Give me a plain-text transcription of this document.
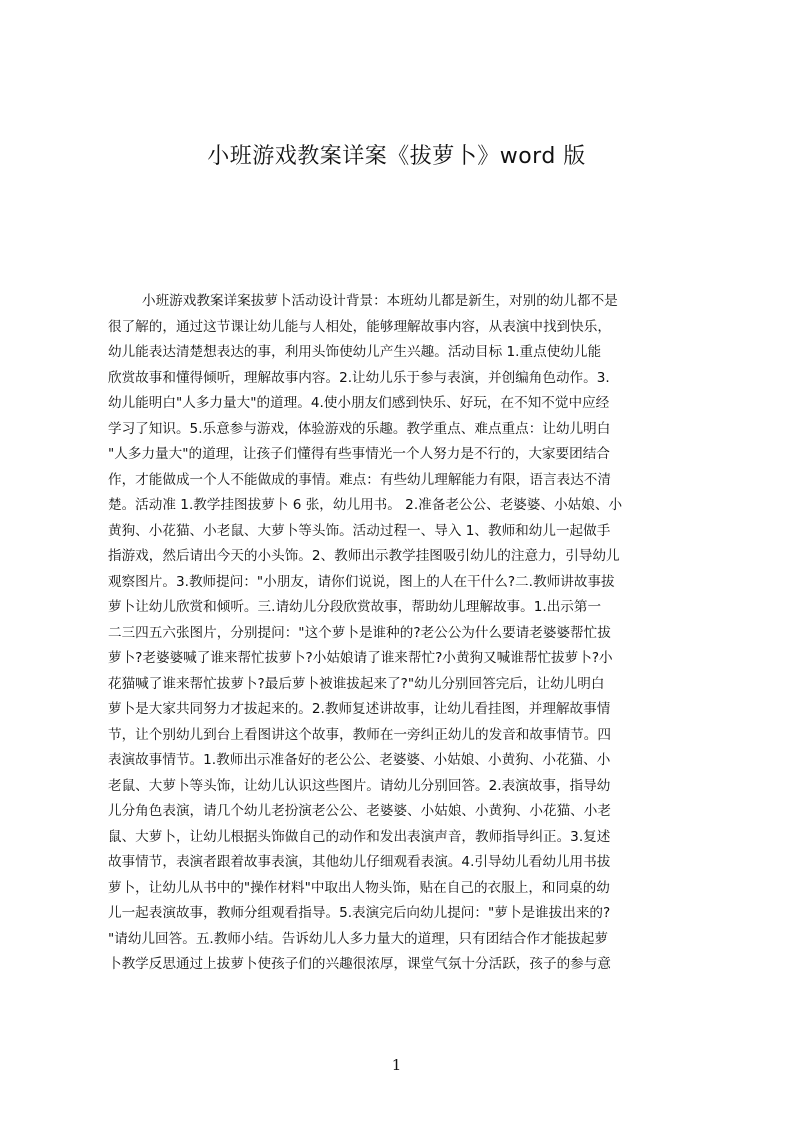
小班游戏教案详案《拔萝卜》word 版
小班游戏教案详案拔萝卜活动设计背景：本班幼儿都是新生，对别的幼儿都不是
很了解的，通过这节课让幼儿能与人相处，能够理解故事内容，从表演中找到快乐，
幼儿能表达清楚想表达的事，利用头饰使幼儿产生兴趣。活动目标 1.重点使幼儿能
欣赏故事和懂得倾听，理解故事内容。2.让幼儿乐于参与表演，并创编角色动作。3.
幼儿能明白"人多力量大"的道理。4.使小朋友们感到快乐、好玩，在不知不觉中应经
学习了知识。5.乐意参与游戏，体验游戏的乐趣。教学重点、难点重点：让幼儿明白
"人多力量大"的道理，让孩子们懂得有些事情光一个人努力是不行的，大家要团结合
作，才能做成一个人不能做成的事情。难点：有些幼儿理解能力有限，语言表达不清
楚。活动准 1.教学挂图拔萝卜 6 张，幼儿用书。 2.准备老公公、老婆婆、小姑娘、小
黄狗、小花猫、小老鼠、大萝卜等头饰。活动过程一、导入 1、教师和幼儿一起做手
指游戏，然后请出今天的小头饰。2、教师出示教学挂图吸引幼儿的注意力，引导幼儿
观察图片。3.教师提问："小朋友，请你们说说，图上的人在干什么?二.教师讲故事拔
萝卜让幼儿欣赏和倾听。三.请幼儿分段欣赏故事，帮助幼儿理解故事。1.出示第一
二三四五六张图片，分别提问："这个萝卜是谁种的?老公公为什么要请老婆婆帮忙拔
萝卜?老婆婆喊了谁来帮忙拔萝卜?小姑娘请了谁来帮忙?小黄狗又喊谁帮忙拔萝卜?小
花猫喊了谁来帮忙拔萝卜?最后萝卜被谁拔起来了?"幼儿分别回答完后，让幼儿明白
萝卜是大家共同努力才拔起来的。2.教师复述讲故事，让幼儿看挂图，并理解故事情
节，让个别幼儿到台上看图讲这个故事，教师在一旁纠正幼儿的发音和故事情节。四
表演故事情节。1.教师出示准备好的老公公、老婆婆、小姑娘、小黄狗、小花猫、小
老鼠、大萝卜等头饰，让幼儿认识这些图片。请幼儿分别回答。2.表演故事，指导幼
儿分角色表演，请几个幼儿老扮演老公公、老婆婆、小姑娘、小黄狗、小花猫、小老
鼠、大萝卜，让幼儿根据头饰做自己的动作和发出表演声音，教师指导纠正。3.复述
故事情节，表演者跟着故事表演，其他幼儿仔细观看表演。4.引导幼儿看幼儿用书拔
萝卜，让幼儿从书中的"操作材料"中取出人物头饰，贴在自己的衣服上，和同桌的幼
儿一起表演故事，教师分组观看指导。5.表演完后向幼儿提问："萝卜是谁拔出来的?
"请幼儿回答。五.教师小结。告诉幼儿人多力量大的道理，只有团结合作才能拔起萝
卜教学反思通过上拔萝卜使孩子们的兴趣很浓厚，课堂气氛十分活跃，孩子的参与意
1
